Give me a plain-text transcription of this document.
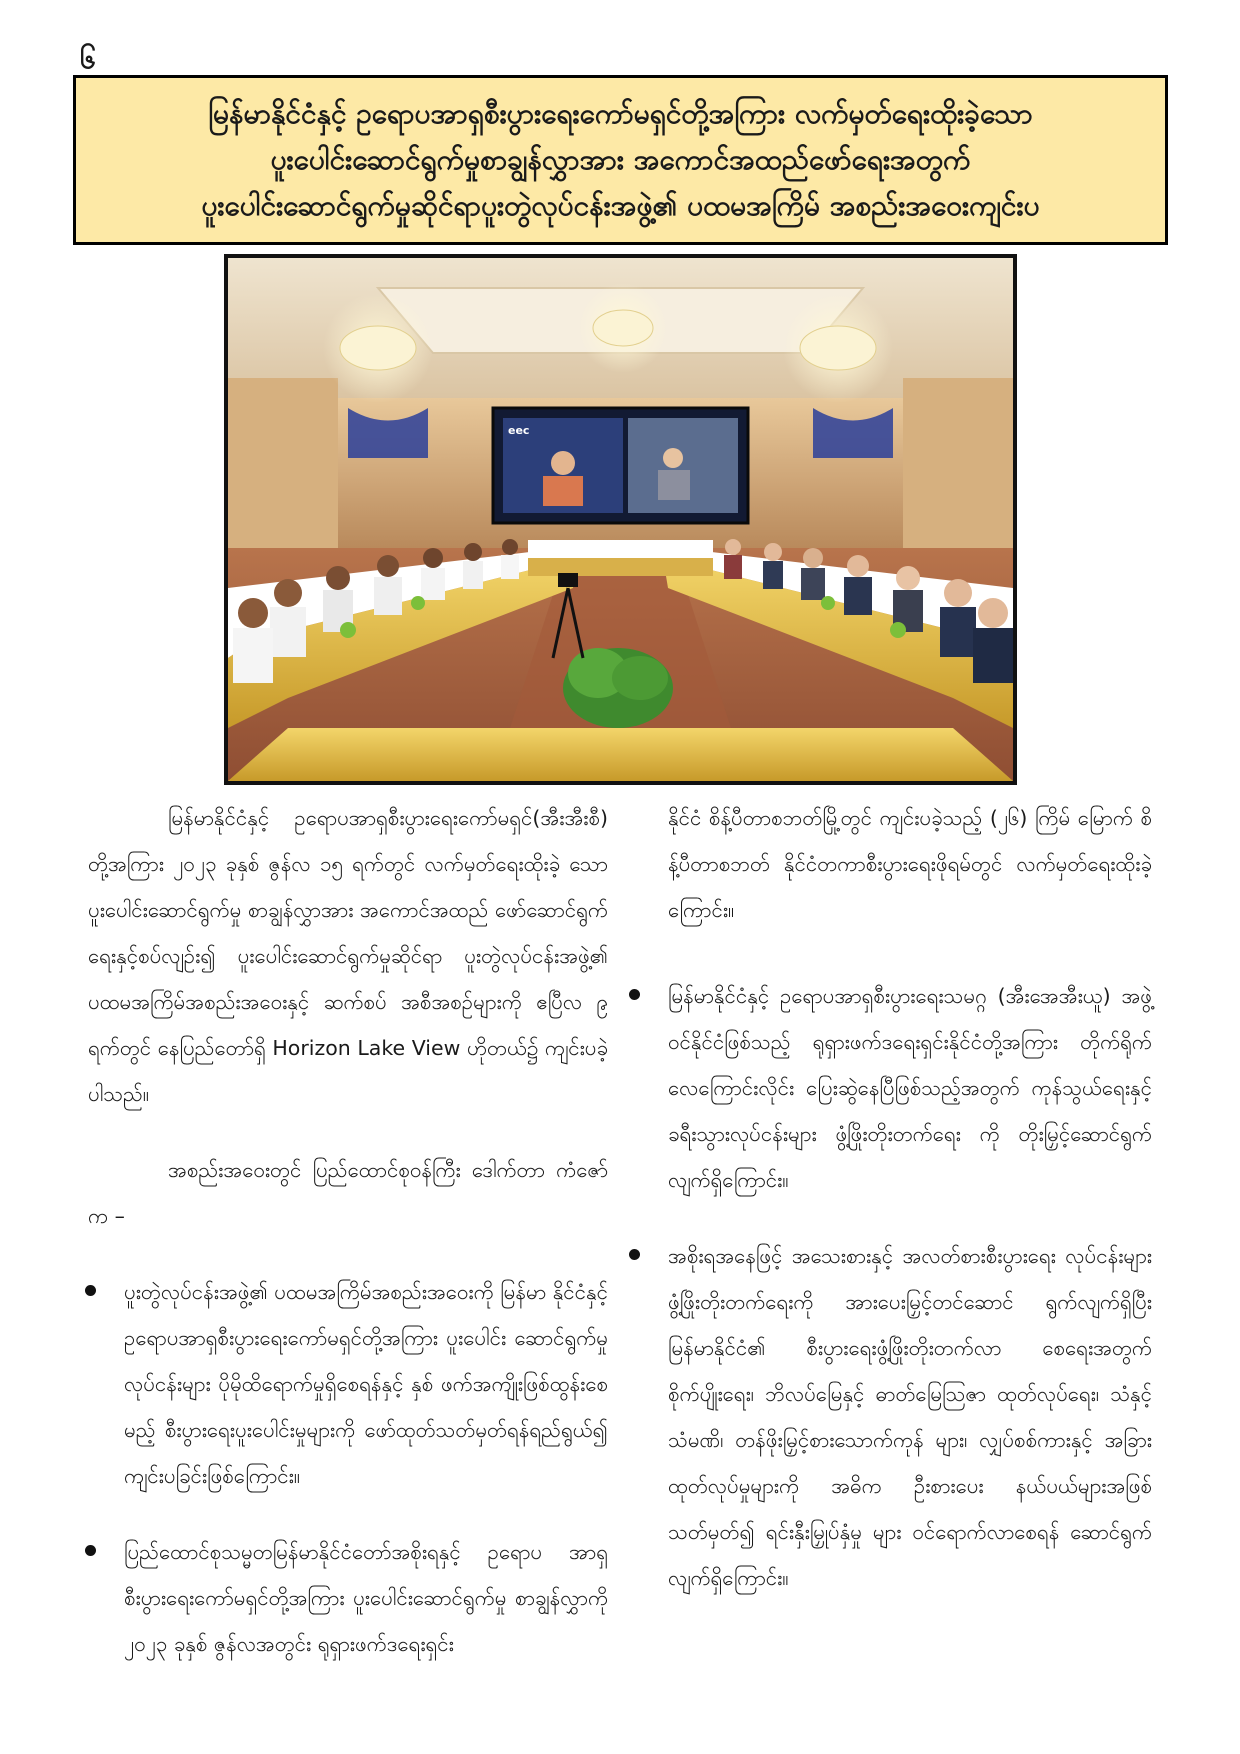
၆
မြန်မာနိုင်ငံနှင့် ဥရောပအာရှစီးပွားရေးကော်မရှင်တို့အကြား လက်မှတ်ရေးထိုးခဲ့သော
ပူးပေါင်းဆောင်ရွက်မှုစာချွန်လွှာအား အကောင်အထည်ဖော်ရေးအတွက်
ပူးပေါင်းဆောင်ရွက်မှုဆိုင်ရာပူးတွဲလုပ်ငန်းအဖွဲ့၏ ပထမအကြိမ် အစည်းအဝေးကျင်းပ
eec

မြန်မာနိုင်ငံနှင့် ဥရောပအာရှစီးပွားရေးကော်မရှင်(အီးအီးစီ) တို့အကြား ၂၀၂၃ ခုနှစ် ဇွန်လ ၁၅ ရက်တွင် လက်မှတ်ရေးထိုးခဲ့ သော ပူးပေါင်းဆောင်ရွက်မှု စာချွန်လွှာအား အကောင်အထည် ဖော်ဆောင်ရွက်ရေးနှင့်စပ်လျဉ်း၍ ပူးပေါင်းဆောင်ရွက်မှုဆိုင်ရာ ပူးတွဲလုပ်ငန်းအဖွဲ့၏ ပထမအကြိမ်အစည်းအဝေးနှင့် ဆက်စပ် အစီအစဉ်များကို ဧပြီလ ၉ ရက်တွင် နေပြည်တော်ရှိ Horizon Lake View ဟိုတယ်၌ ကျင်းပခဲ့ပါသည်။

အစည်းအဝေးတွင် ပြည်ထောင်စုဝန်ကြီး ဒေါက်တာ ကံဇော် က –

ပူးတွဲလုပ်ငန်းအဖွဲ့၏ ပထမအကြိမ်အစည်းအဝေးကို မြန်မာ နိုင်ငံနှင့် ဥရောပအာရှစီးပွားရေးကော်မရှင်တို့အကြား ပူးပေါင်း ဆောင်ရွက်မှုလုပ်ငန်းများ ပိုမိုထိရောက်မှုရှိစေရန်နှင့် နှစ် ဖက်အကျိုးဖြစ်ထွန်းစေမည့် စီးပွားရေးပူးပေါင်းမှုများကို ဖော်ထုတ်သတ်မှတ်ရန်ရည်ရွယ်၍ ကျင်းပခြင်းဖြစ်ကြောင်း။
ပြည်ထောင်စုသမ္မတမြန်မာနိုင်ငံတော်အစိုးရနှင့် ဥရောပ အာရှစီးပွားရေးကော်မရှင်တို့အကြား ပူးပေါင်းဆောင်ရွက်မှု စာချွန်လွှာကို ၂၀၂၃ ခုနှစ် ဇွန်လအတွင်း ရုရှားဖက်ဒရေးရှင်း

နိုင်ငံ စိန့်ပီတာစဘတ်မြို့တွင် ကျင်းပခဲ့သည့် (၂၆) ကြိမ် မြောက် စိန့်ပီတာစဘတ် နိုင်ငံတကာစီးပွားရေးဖိုရမ်တွင် လက်မှတ်ရေးထိုးခဲ့ကြောင်း။

မြန်မာနိုင်ငံနှင့် ဥရောပအာရှစီးပွားရေးသမဂ္ဂ (အီးအေအီးယူ) အဖွဲ့ဝင်နိုင်ငံဖြစ်သည့် ရုရှားဖက်ဒရေးရှင်းနိုင်ငံတို့အကြား တိုက်ရိုက်လေကြောင်းလိုင်း ပြေးဆွဲနေပြီဖြစ်သည့်အတွက် ကုန်သွယ်ရေးနှင့် ခရီးသွားလုပ်ငန်းများ ဖွံ့ဖြိုးတိုးတက်ရေး ကို တိုးမြှင့်ဆောင်ရွက်လျက်ရှိကြောင်း။
အစိုးရအနေဖြင့် အသေးစားနှင့် အလတ်စားစီးပွားရေး လုပ်ငန်းများဖွံ့ဖြိုးတိုးတက်ရေးကို အားပေးမြှင့်တင်ဆောင် ရွက်လျက်ရှိပြီး မြန်မာနိုင်ငံ၏ စီးပွားရေးဖွံ့ဖြိုးတိုးတက်လာ စေရေးအတွက် စိုက်ပျိုးရေး၊ ဘိလပ်မြေနှင့် ဓာတ်မြေသြဇာ ထုတ်လုပ်ရေး၊ သံနှင့် သံမဏိ၊ တန်ဖိုးမြှင့်စားသောက်ကုန် များ၊ လျှပ်စစ်ကားနှင့် အခြားထုတ်လုပ်မှုများကို အဓိက ဦးစားပေး နယ်ပယ်များအဖြစ် သတ်မှတ်၍ ရင်းနှီးမြှုပ်နှံမှု များ ဝင်ရောက်လာစေရန် ဆောင်ရွက်လျက်ရှိကြောင်း။
